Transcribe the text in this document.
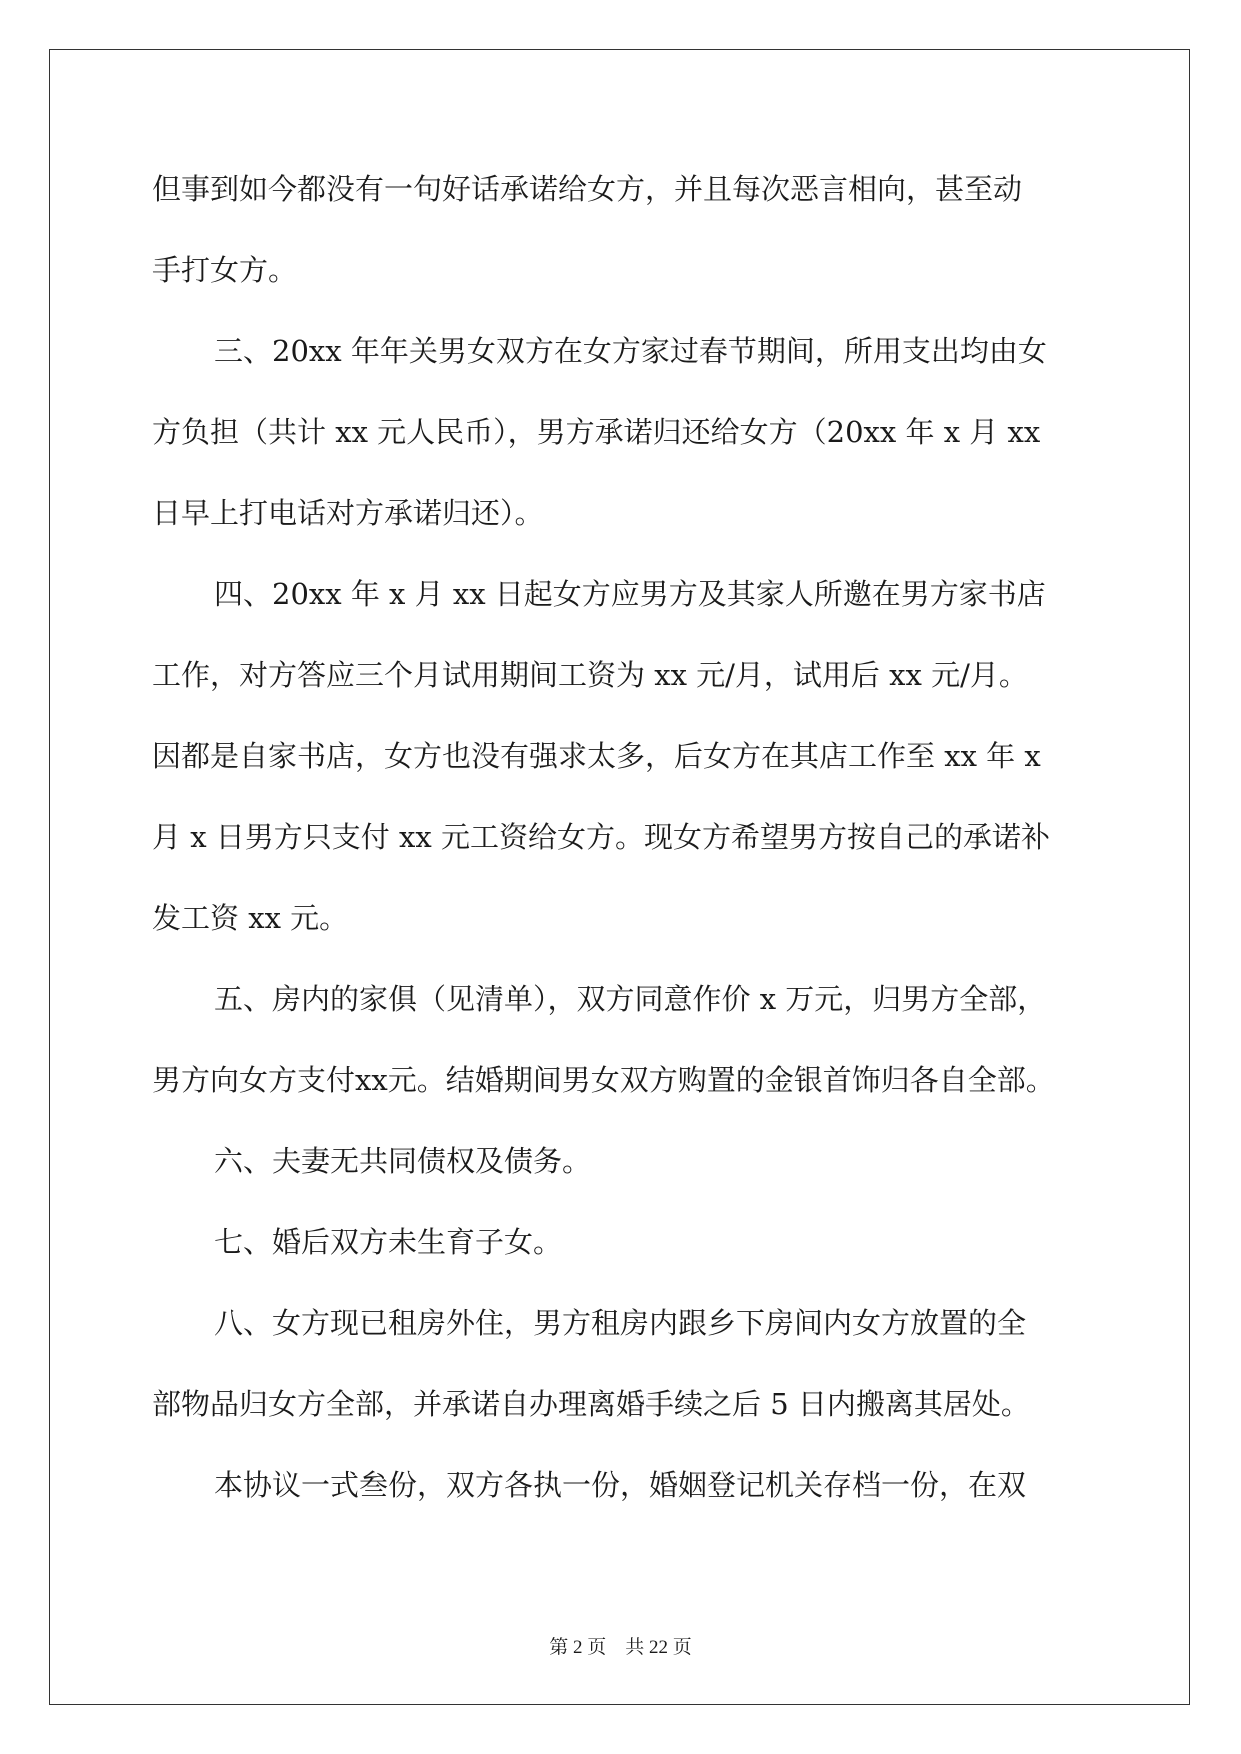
但事到如今都没有一句好话承诺给女方，并且每次恶言相向，甚至动
手打女方。
三、20xx 年年关男女双方在女方家过春节期间，所用支出均由女
方负担（共计 xx 元人民币），男方承诺归还给女方（20xx 年 x 月 xx
日早上打电话对方承诺归还）。
四、20xx 年 x 月 xx 日起女方应男方及其家人所邀在男方家书店
工作，对方答应三个月试用期间工资为 xx 元/月，试用后 xx 元/月。
因都是自家书店，女方也没有强求太多，后女方在其店工作至 xx 年 x
月 x 日男方只支付 xx 元工资给女方。现女方希望男方按自己的承诺补
发工资 xx 元。
五、房内的家俱（见清单），双方同意作价 x 万元，归男方全部，
男方向女方支付xx元。结婚期间男女双方购置的金银首饰归各自全部。
六、夫妻无共同债权及债务。
七、婚后双方未生育子女。
八、女方现已租房外住，男方租房内跟乡下房间内女方放置的全
部物品归女方全部，并承诺自办理离婚手续之后 5 日内搬离其居处。
本协议一式叁份，双方各执一份，婚姻登记机关存档一份，在双
第 2 页    共 22 页
